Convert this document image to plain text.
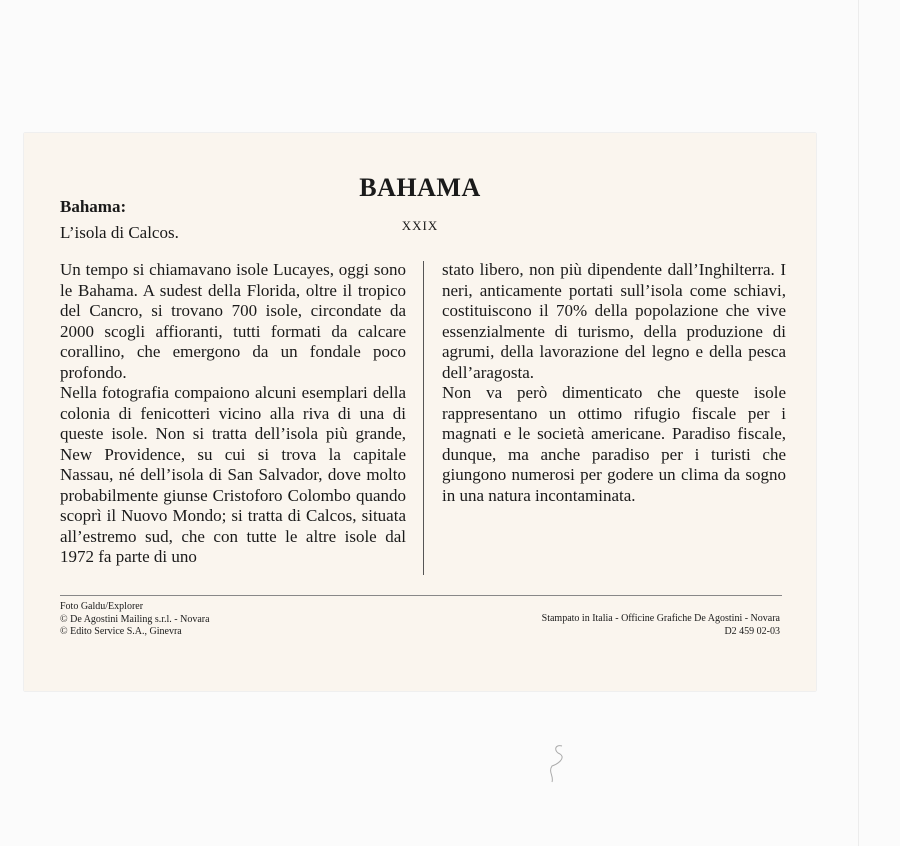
BAHAMA
XXIX
Bahama:
L’isola di Calcos.

Un tempo si chiamavano isole Lucayes, oggi sono le Bahama. A sudest della Florida, oltre il tropico del Cancro, si trovano 700 isole, circondate da 2000 scogli affioranti, tutti formati da calcare corallino, che emergono da un fondale poco profondo.

Nella fotografia compaiono alcuni esemplari della colonia di fenicotteri vicino alla riva di una di queste isole. Non si tratta dell’isola più grande, New Providence, su cui si trova la capitale Nassau, né dell’isola di San Salvador, dove molto probabilmente giunse Cristoforo Colombo quando scoprì il Nuovo Mondo; si tratta di Calcos, situata all’estremo sud, che con tutte le altre isole dal 1972 fa parte di uno

stato libero, non più dipendente dall’Inghilterra. I neri, anticamente portati sull’isola come schiavi, costituiscono il 70% della popolazione che vive essenzialmente di turismo, della produzione di agrumi, della lavorazione del legno e della pesca dell’aragosta.

Non va però dimenticato che queste isole rappresentano un ottimo rifugio fiscale per i magnati e le società americane. Paradiso fiscale, dunque, ma anche paradiso per i turisti che giungono numerosi per godere un clima da sogno in una natura incontaminata.

Foto Galdu/Explorer
© De Agostini Mailing s.r.l. - Novara
© Edito Service S.A., Ginevra
Stampato in Italia - Officine Grafiche De Agostini - Novara
D2 459 02-03
